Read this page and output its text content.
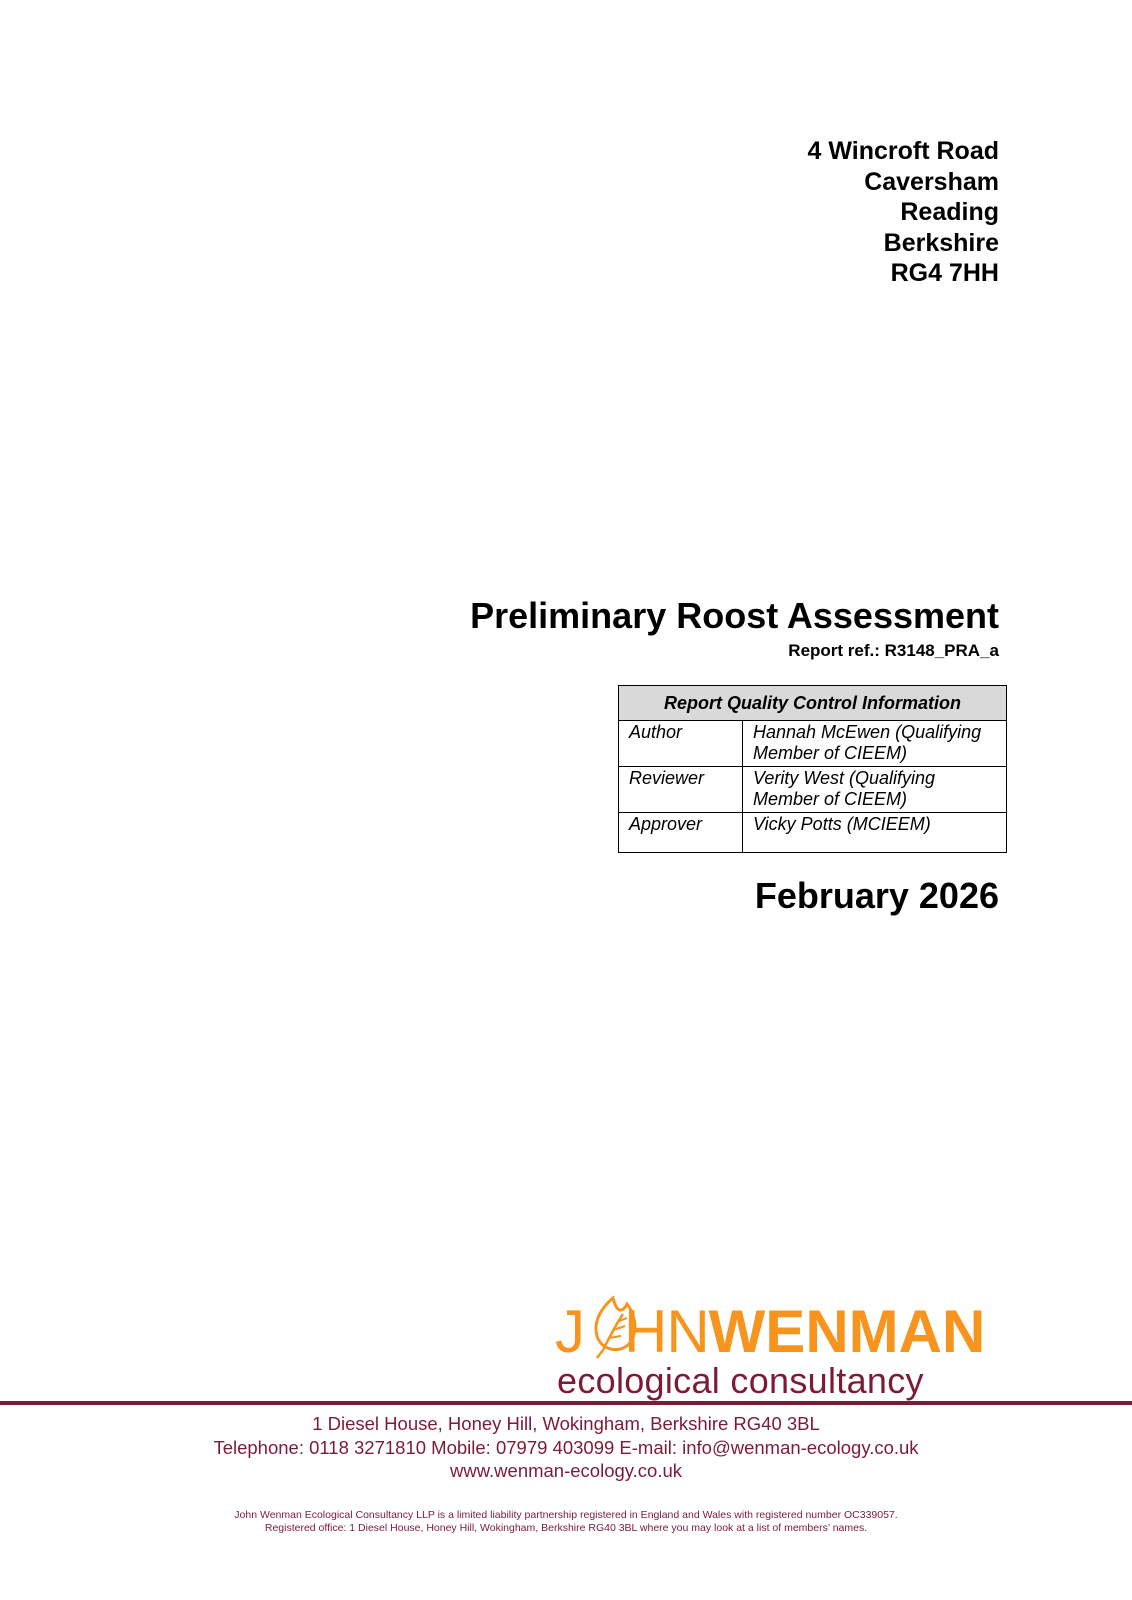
4 Wincroft Road
Caversham
Reading
Berkshire
RG4 7HH
Preliminary Roost Assessment
Report ref.: R3148_PRA_a
Report Quality Control Information	
Author	Hannah McEwen (Qualifying
Member of CIEEM)

Reviewer	Verity West (Qualifying
Member of CIEEM)

Approver	Vicky Potts (MCIEEM)
February 2026
J HNWENMAN
ecological consultancy
1 Diesel House, Honey Hill, Wokingham, Berkshire RG40 3BL
Telephone: 0118 3271810 Mobile: 07979 403099 E-mail: info@wenman-ecology.co.uk
www.wenman-ecology.co.uk
John Wenman Ecological Consultancy LLP is a limited liability partnership registered in England and Wales with registered number OC339057.
Registered office: 1 Diesel House, Honey Hill, Wokingham, Berkshire RG40 3BL where you may look at a list of members’ names.
